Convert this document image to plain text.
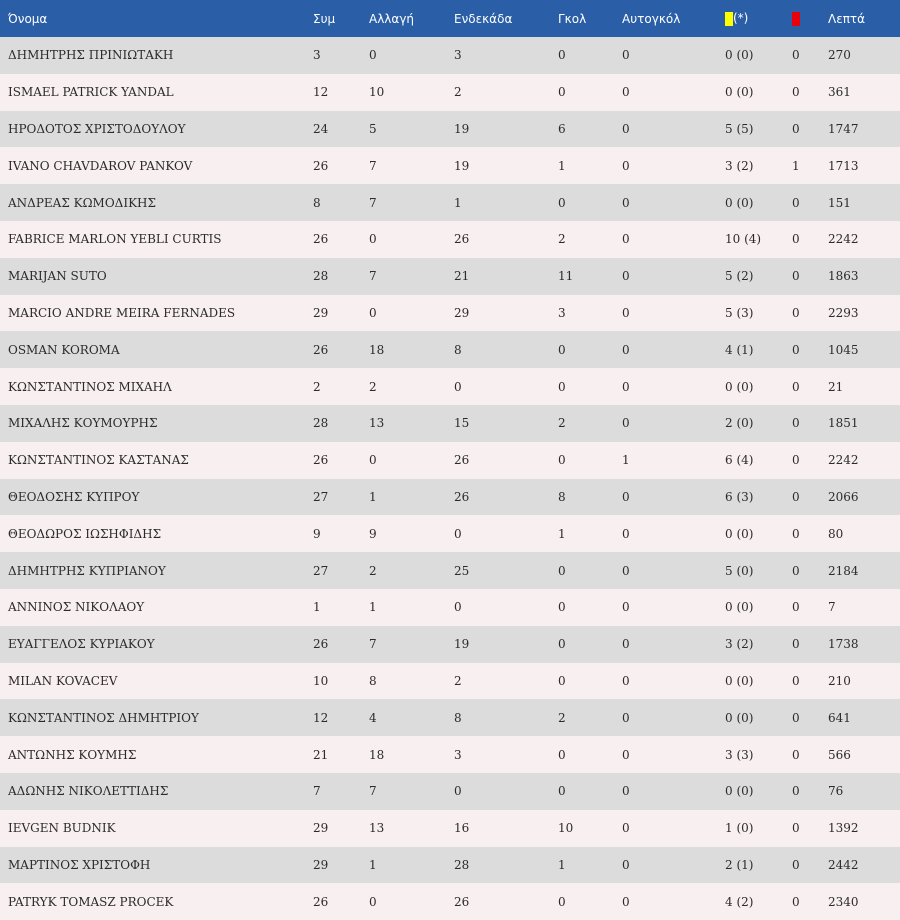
Όνομα	Συμ	Αλλαγή	Ενδεκάδα	Γκολ	Αυτογκόλ	(*)		Λεπτά
ΔΗΜΗΤΡΗΣ ΠΡΙΝΙΩΤΑΚΗ	3	0	3	0	0	0 (0)	0	270
ISMAEL PATRICK YANDAL	12	10	2	0	0	0 (0)	0	361
ΗΡΟΔΟΤΟΣ ΧΡΙΣΤΟΔΟΥΛΟΥ	24	5	19	6	0	5 (5)	0	1747
IVANO CHAVDAROV PANKOV	26	7	19	1	0	3 (2)	1	1713
ΑΝΔΡΕΑΣ ΚΩΜΟΔΙΚΗΣ	8	7	1	0	0	0 (0)	0	151
FABRICE MARLON YEBLI CURTIS	26	0	26	2	0	10 (4)	0	2242
MARIJAN SUTO	28	7	21	11	0	5 (2)	0	1863
MARCIO ANDRE MEIRA FERNADES	29	0	29	3	0	5 (3)	0	2293
OSMAN KOROMA	26	18	8	0	0	4 (1)	0	1045
ΚΩΝΣΤΑΝΤΙΝΟΣ ΜΙΧΑΗΛ	2	2	0	0	0	0 (0)	0	21
ΜΙΧΑΛΗΣ ΚΟΥΜΟΥΡΗΣ	28	13	15	2	0	2 (0)	0	1851
ΚΩΝΣΤΑΝΤΙΝΟΣ ΚΑΣΤΑΝΑΣ	26	0	26	0	1	6 (4)	0	2242
ΘΕΟΔΟΣΗΣ ΚΥΠΡΟΥ	27	1	26	8	0	6 (3)	0	2066
ΘΕΟΔΩΡΟΣ ΙΩΣΗΦΙΔΗΣ	9	9	0	1	0	0 (0)	0	80
ΔΗΜΗΤΡΗΣ ΚΥΠΡΙΑΝΟΥ	27	2	25	0	0	5 (0)	0	2184
ΑΝΝΙΝΟΣ ΝΙΚΟΛΑΟΥ	1	1	0	0	0	0 (0)	0	7
ΕΥΑΓΓΕΛΟΣ ΚΥΡΙΑΚΟΥ	26	7	19	0	0	3 (2)	0	1738
MILAN KOVACEV	10	8	2	0	0	0 (0)	0	210
ΚΩΝΣΤΑΝΤΙΝΟΣ ΔΗΜΗΤΡΙΟΥ	12	4	8	2	0	0 (0)	0	641
ΑΝΤΩΝΗΣ ΚΟΥΜΗΣ	21	18	3	0	0	3 (3)	0	566
ΑΔΩΝΗΣ ΝΙΚΟΛΕΤΤΙΔΗΣ	7	7	0	0	0	0 (0)	0	76
IEVGEN BUDNIK	29	13	16	10	0	1 (0)	0	1392
ΜΑΡΤΙΝΟΣ ΧΡΙΣΤΟΦΗ	29	1	28	1	0	2 (1)	0	2442
PATRYK TOMASZ PROCEK	26	0	26	0	0	4 (2)	0	2340
